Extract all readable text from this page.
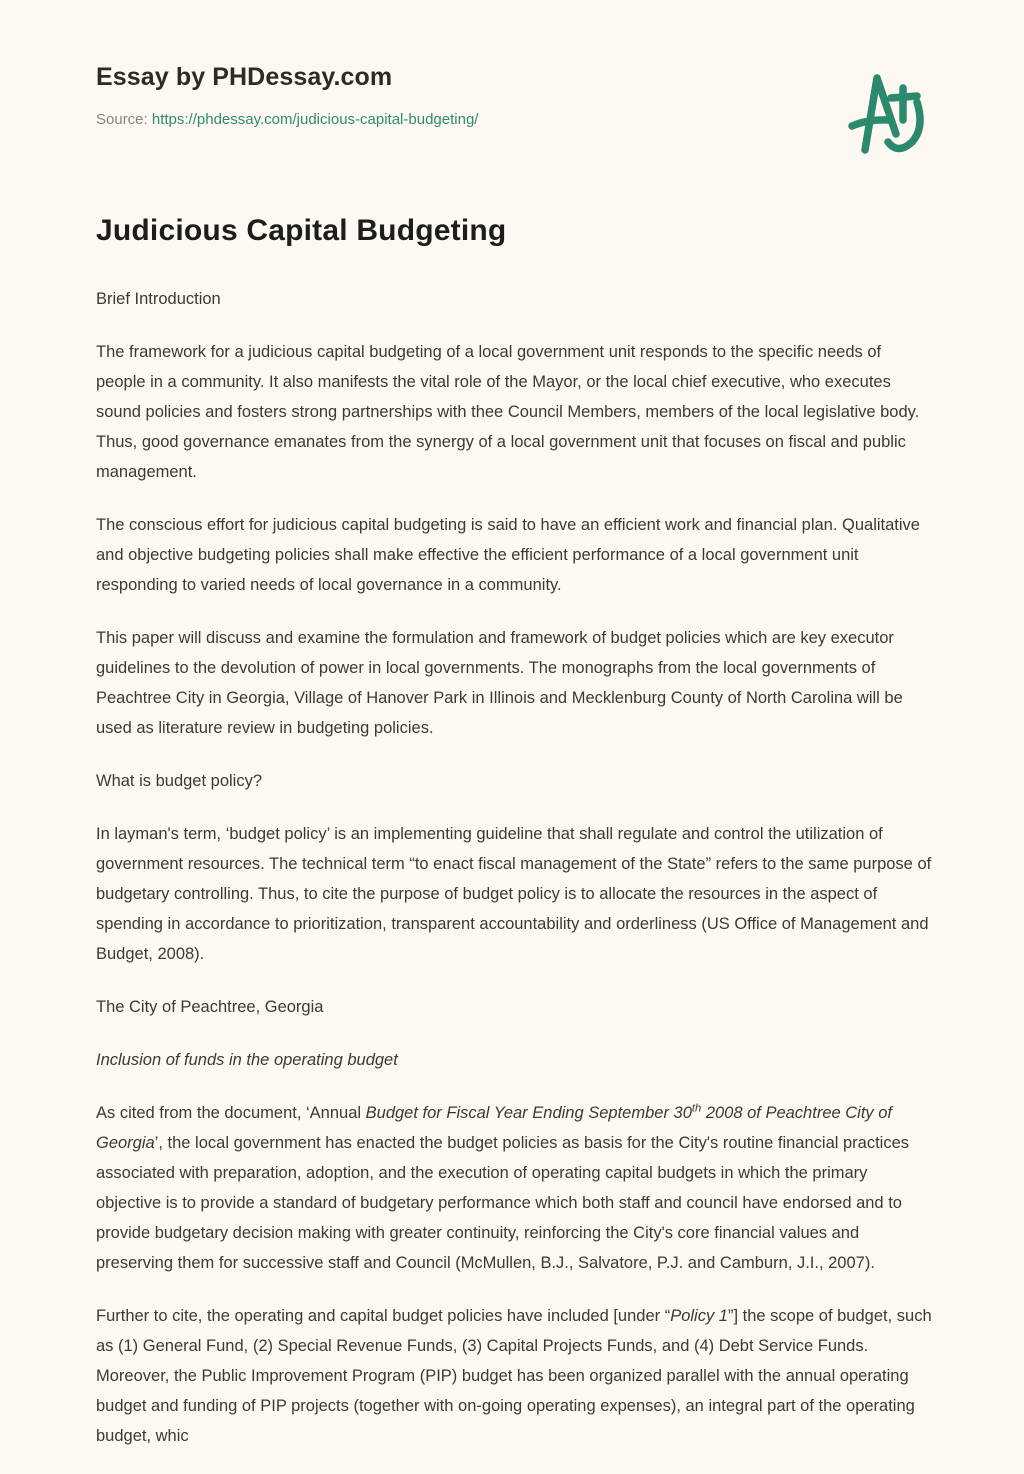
Essay by PHDessay.com
Source: https://phdessay.com/judicious-capital-budgeting/
Judicious Capital Budgeting

Brief Introduction

The framework for a judicious capital budgeting of a local government unit responds to the specific needs of people in a community. It also manifests the vital role of the Mayor, or the local chief executive, who executes sound policies and fosters strong partnerships with thee Council Members, members of the local legislative body. Thus, good governance emanates from the synergy of a local government unit that focuses on fiscal and public management.

The conscious effort for judicious capital budgeting is said to have an efficient work and financial plan. Qualitative and objective budgeting policies shall make effective the efficient performance of a local government unit responding to varied needs of local governance in a community.

This paper will discuss and examine the formulation and framework of budget policies which are key executor guidelines to the devolution of power in local governments. The monographs from the local governments of Peachtree City in Georgia, Village of Hanover Park in Illinois and Mecklenburg County of North Carolina will be used as literature review in budgeting policies.

What is budget policy?

In layman's term, ‘budget policy’ is an implementing guideline that shall regulate and control the utilization of government resources. The technical term “to enact fiscal management of the State” refers to the same purpose of budgetary controlling. Thus, to cite the purpose of budget policy is to allocate the resources in the aspect of spending in accordance to prioritization, transparent accountability and orderliness (US Office of Management and Budget, 2008).

The City of Peachtree, Georgia

Inclusion of funds in the operating budget

As cited from the document, ‘Annual Budget for Fiscal Year Ending September 30th 2008 of Peachtree City of Georgia’, the local government has enacted the budget policies as basis for the City's routine financial practices associated with preparation, adoption, and the execution of operating capital budgets in which the primary objective is to provide a standard of budgetary performance which both staff and council have endorsed and to provide budgetary decision making with greater continuity, reinforcing the City's core financial values and preserving them for successive staff and Council (McMullen, B.J., Salvatore, P.J. and Camburn, J.I., 2007).

Further to cite, the operating and capital budget policies have included [under “Policy 1”] the scope of budget, such as (1) General Fund, (2) Special Revenue Funds, (3) Capital Projects Funds, and (4) Debt Service Funds. Moreover, the Public Improvement Program (PIP) budget has been organized parallel with the annual operating budget and funding of PIP projects (together with on-going operating expenses), an integral part of the operating budget, whic
